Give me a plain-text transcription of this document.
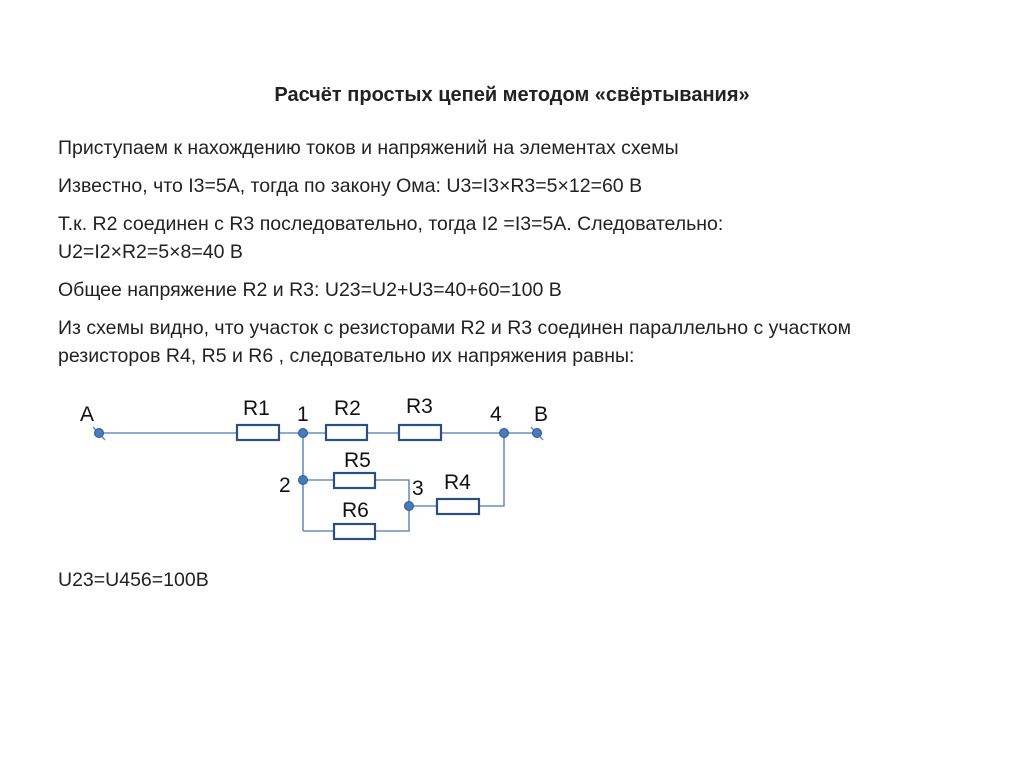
Расчёт простых цепей методом «свёртывания»
Приступаем к нахождению токов и напряжений на элементах схемы
Известно, что I3=5A, тогда по закону Ома: U3=I3×R3=5×12=60 В
Т.к. R2 соединен с R3 последовательно, тогда I2 =I3=5A. Следовательно: U2=I2×R2=5×8=40 В
Общее напряжение R2 и R3: U23=U2+U3=40+60=100 В
Из схемы видно, что участок с резисторами R2 и R3 соединен параллельно с участком резисторов R4, R5 и R6 , следовательно их напряжения равны:
A	B
1
2	3
4
R1	R2 R3
R5
R4
R6
U23=U456=100В
